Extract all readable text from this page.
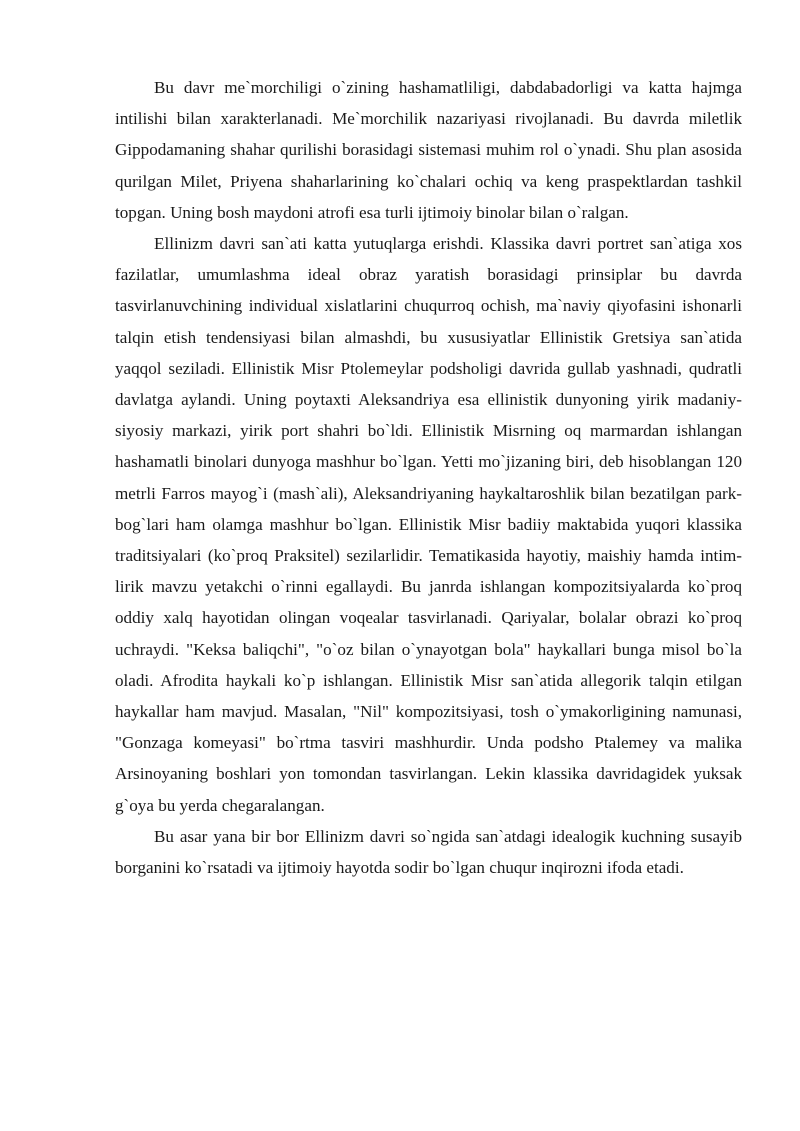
Bu davr me`morchiligi o`zining hashamatliligi, dabdabadorligi va katta hajmga intilishi bilan xarakterlanadi. Me`morchilik nazariyasi rivojlanadi. Bu davrda miletlik Gippodamaning shahar qurilishi borasidagi sistemasi muhim rol o`ynadi. Shu plan asosida qurilgan Milet, Priyena shaharlarining ko`chalari ochiq va keng praspektlardan tashkil topgan. Uning bosh maydoni atrofi esa turli ijtimoiy binolar bilan o`ralgan.

Ellinizm davri san`ati katta yutuqlarga erishdi. Klassika davri portret san`atiga xos fazilatlar, umumlashma ideal obraz yaratish borasidagi prinsiplar bu davrda tasvirlanuvchining individual xislatlarini chuqurroq ochish, ma`naviy qiyofasini ishonarli talqin etish tendensiyasi bilan almashdi, bu xususiyatlar Ellinistik Gretsiya san`atida yaqqol seziladi. Ellinistik Misr Ptolemeylar podsholigi davrida gullab yashnadi, qudratli davlatga aylandi. Uning poytaxti Aleksandriya esa ellinistik dunyoning yirik madaniy-siyosiy markazi, yirik port shahri bo`ldi. Ellinistik Misrning oq marmardan ishlangan hashamatli binolari dunyoga mashhur bo`lgan. Yetti mo`jizaning biri, deb hisoblangan 120 metrli Farros mayog`i (mash`ali), Aleksandriyaning haykaltaroshlik bilan bezatilgan park-bog`lari ham olamga mashhur bo`lgan. Ellinistik Misr badiiy maktabida yuqori klassika traditsiyalari (ko`proq Praksitel) sezilarlidir. Tematikasida hayotiy, maishiy hamda intim-lirik mavzu yetakchi o`rinni egallaydi. Bu janrda ishlangan kompozitsiyalarda ko`proq oddiy xalq hayotidan olingan voqealar tasvirlanadi. Qariyalar, bolalar obrazi ko`proq uchraydi. "Keksa baliqchi", "o`oz bilan o`ynayotgan bola" haykallari bunga misol bo`la oladi. Afrodita haykali ko`p ishlangan. Ellinistik Misr san`atida allegorik talqin etilgan haykallar ham mavjud. Masalan, "Nil" kompozitsiyasi, tosh o`ymakorligining namunasi, "Gonzaga komeyasi" bo`rtma tasviri mashhurdir. Unda podsho Ptalemey va malika Arsinoyaning boshlari yon tomondan tasvirlangan. Lekin klassika davridagidek yuksak g`oya bu yerda chegaralangan.

Bu asar yana bir bor Ellinizm davri so`ngida san`atdagi idealogik kuchning susayib borganini ko`rsatadi va ijtimoiy hayotda sodir bo`lgan chuqur inqirozni ifoda etadi.
